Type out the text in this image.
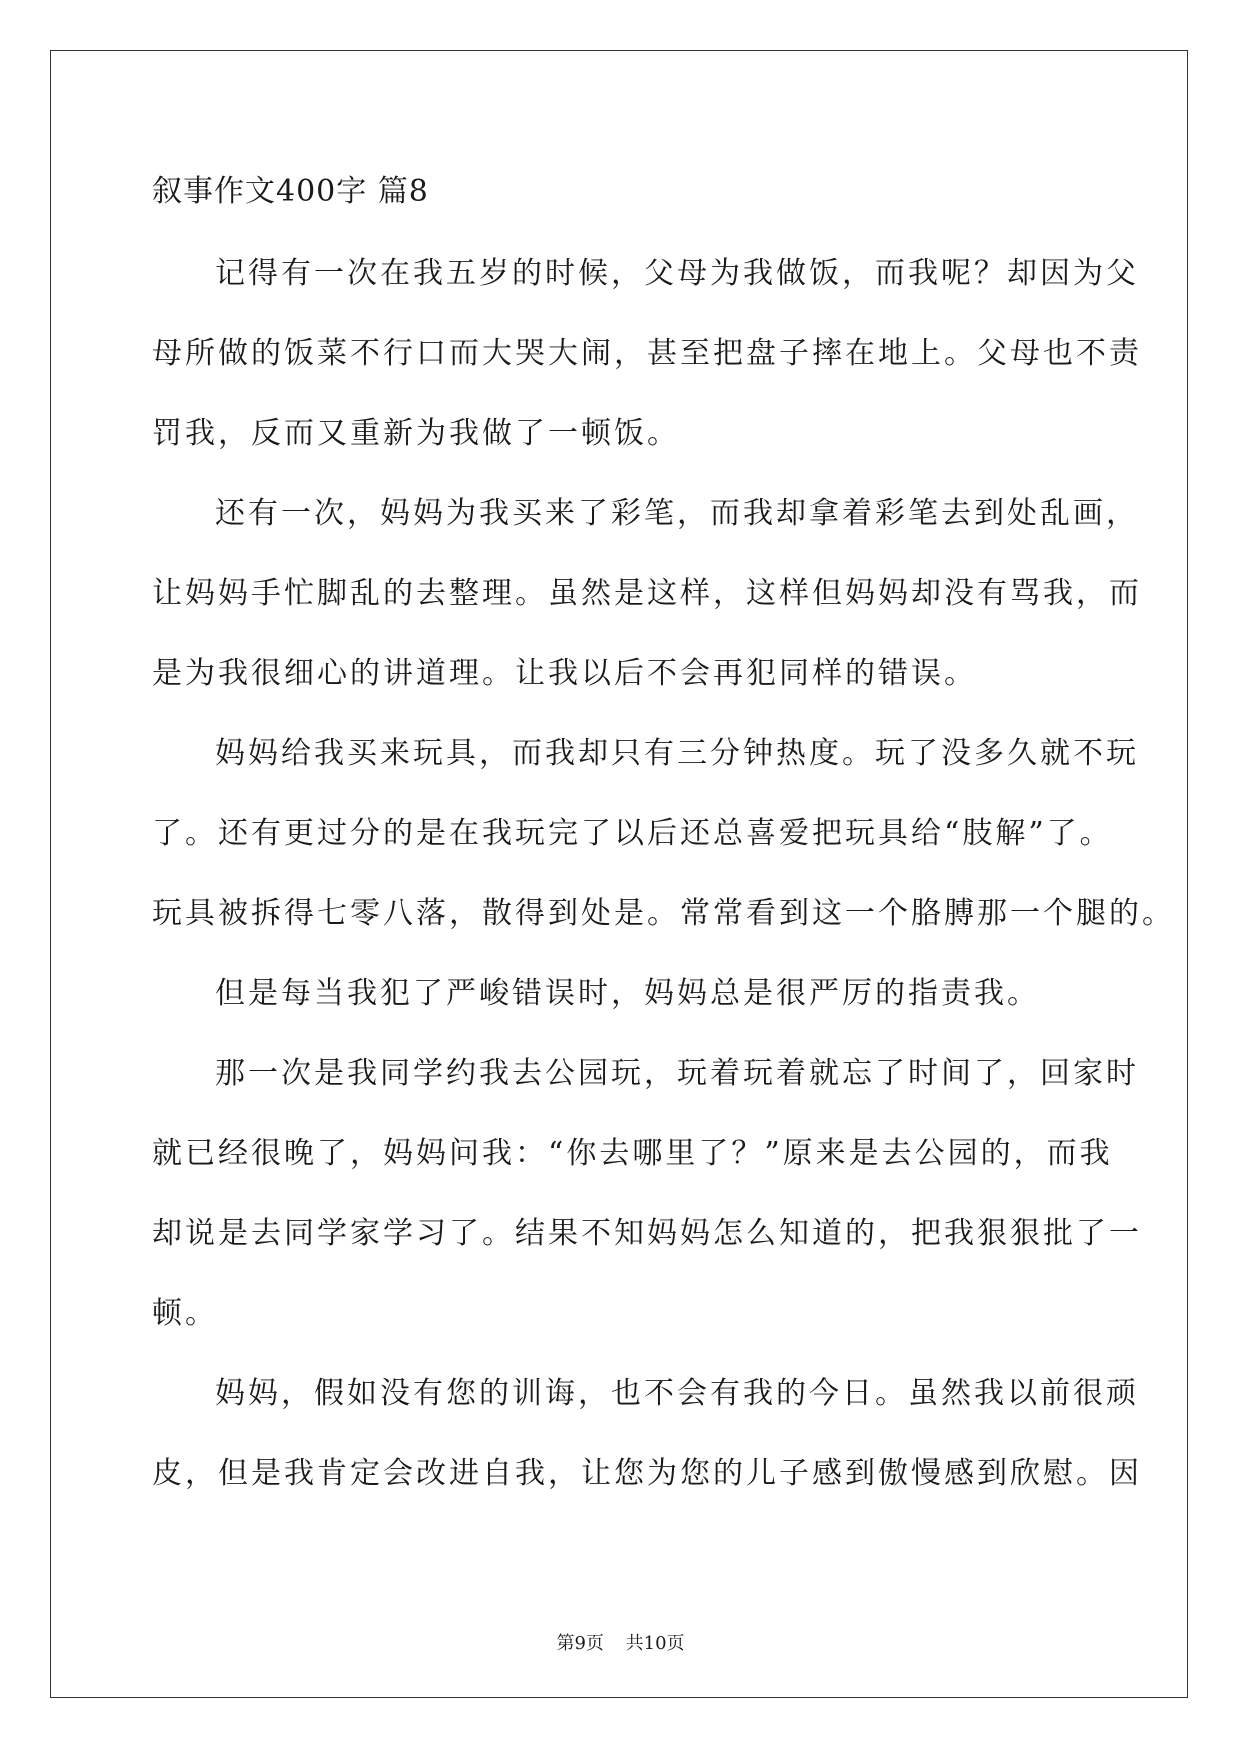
叙事作文400字 篇8
记得有一次在我五岁的时候，父母为我做饭，而我呢？却因为父
母所做的饭菜不行口而大哭大闹，甚至把盘子摔在地上。父母也不责
罚我，反而又重新为我做了一顿饭。
还有一次，妈妈为我买来了彩笔，而我却拿着彩笔去到处乱画，
让妈妈手忙脚乱的去整理。虽然是这样，这样但妈妈却没有骂我，而
是为我很细心的讲道理。让我以后不会再犯同样的错误。
妈妈给我买来玩具，而我却只有三分钟热度。玩了没多久就不玩
了。还有更过分的是在我玩完了以后还总喜爱把玩具给“肢解”了。
玩具被拆得七零八落，散得到处是。常常看到这一个胳膊那一个腿的。
但是每当我犯了严峻错误时，妈妈总是很严厉的指责我。
那一次是我同学约我去公园玩，玩着玩着就忘了时间了，回家时
就已经很晚了，妈妈问我：“你去哪里了？”原来是去公园的，而我
却说是去同学家学习了。结果不知妈妈怎么知道的，把我狠狠批了一
顿。
妈妈，假如没有您的训诲，也不会有我的今日。虽然我以前很顽
皮，但是我肯定会改进自我，让您为您的儿子感到傲慢感到欣慰。因
第9页 共10页
